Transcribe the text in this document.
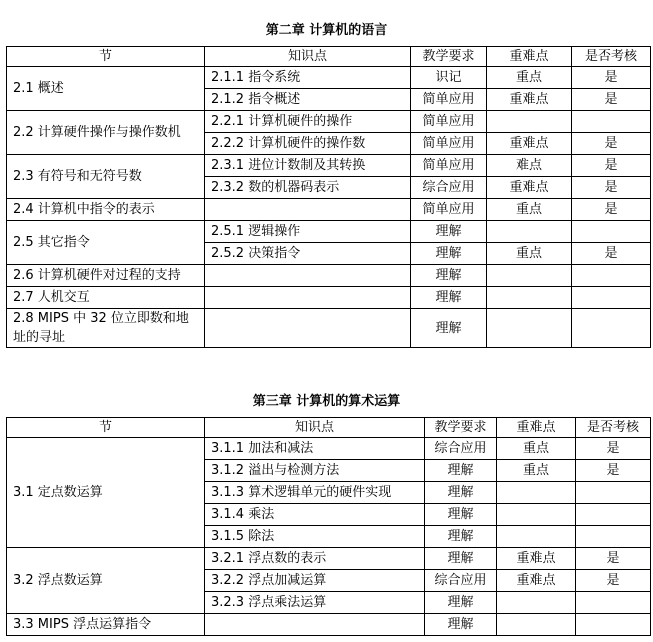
第二章 计算机的语言
节	知识点	教学要求	重难点	是否考核
2.1 概述	2.1.1 指令系统	识记	重点	是
	2.1.2 指令概述	简单应用	重难点	是
2.2 计算硬件操作与操作数机	2.2.1 计算机硬件的操作	简单应用		
	2.2.2 计算机硬件的操作数	简单应用	重难点	是
2.3 有符号和无符号数	2.3.1 进位计数制及其转换	简单应用	难点	是
	2.3.2 数的机器码表示	综合应用	重难点	是
2.4 计算机中指令的表示		简单应用	重点	是
2.5 其它指令	2.5.1 逻辑操作	理解		
	2.5.2 决策指令	理解	重点	是
2.6 计算机硬件对过程的支持		理解		
2.7 人机交互		理解		
2.8 MIPS 中 32 位立即数和地址的寻址		理解		
第三章 计算机的算术运算
节	知识点	教学要求	重难点	是否考核
3.1 定点数运算	3.1.1 加法和减法	综合应用	重点	是
	3.1.2 溢出与检测方法	理解	重点	是
	3.1.3 算术逻辑单元的硬件实现	理解		
	3.1.4 乘法	理解		
	3.1.5 除法	理解		
3.2 浮点数运算	3.2.1 浮点数的表示	理解	重难点	是
	3.2.2 浮点加减运算	综合应用	重难点	是
	3.2.3 浮点乘法运算	理解		
3.3 MIPS 浮点运算指令		理解		
